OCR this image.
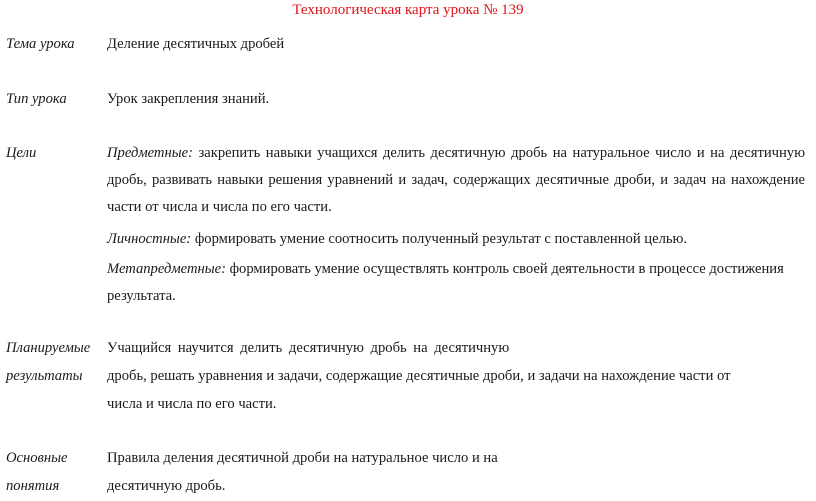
Технологическая карта урока № 139
Тема урока Деление десятичных дробей
Тип урока	Урок закрепления знаний.
Цели	Предметные: закрепить навыки учащихся делить десятичную дробь на натуральное число и на десятичную дробь, развивать навыки решения уравнений и задач, содержащих десятичные дроби, и задач на нахождение части от числа и числа по его части.
Личностные: формировать умение соотносить полученный результат с поставленной целью.
Метапредметные: формировать умение осуществлять контроль своей деятельности в процессе достижения результата.
Планируемые
результаты
Учащийся научится делить десятичную дробь на десятичную
дробь, решать уравнения и задачи, содержащие десятичные дроби, и задачи на нахождение части от
числа и числа по его части.
Основные
понятия
Правила деления десятичной дроби на натуральное число и на
десятичную дробь.
